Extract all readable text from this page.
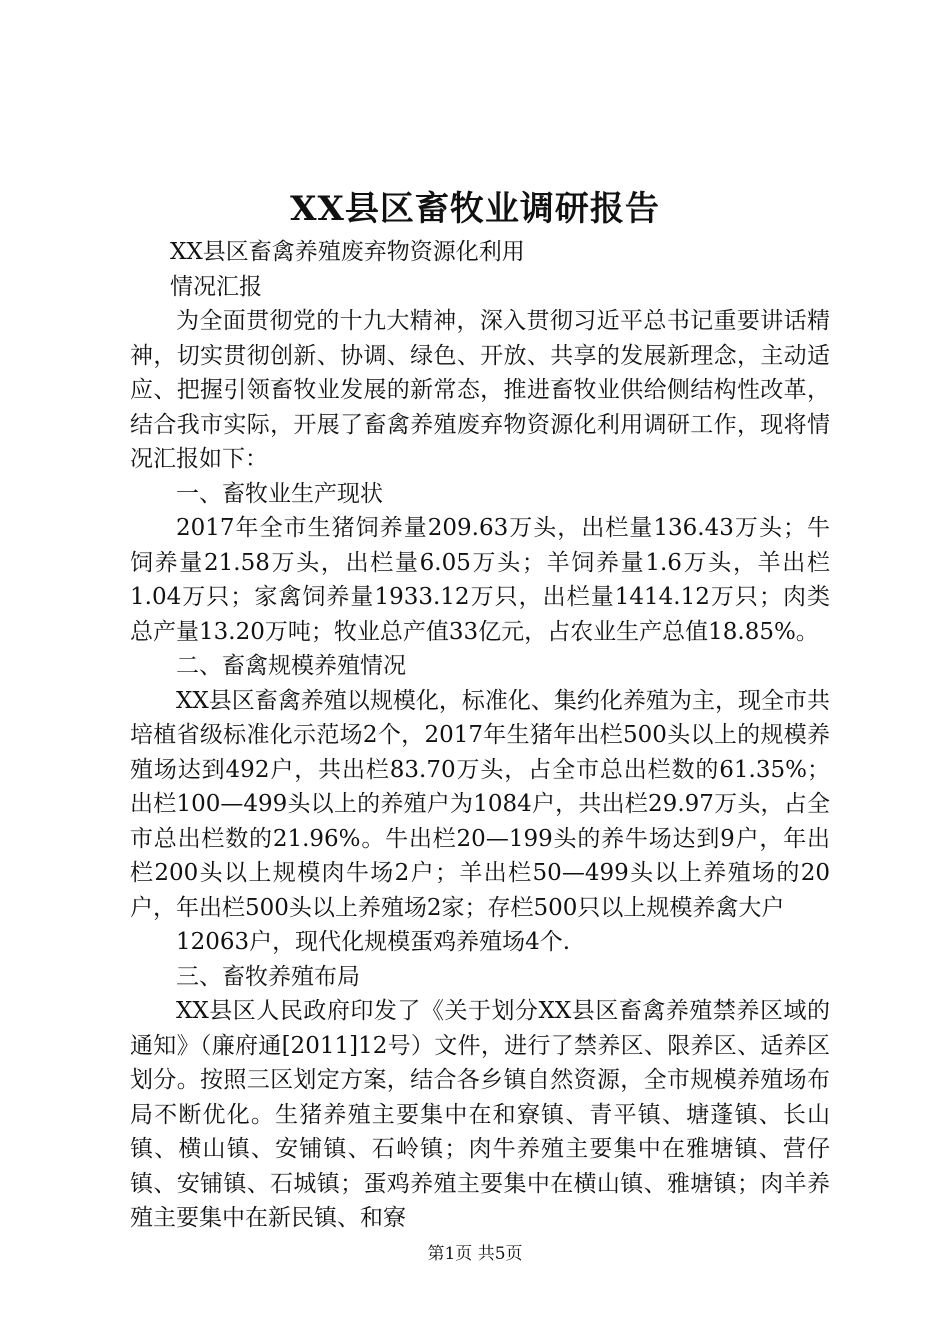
XX县区畜牧业调研报告

XX县区畜禽养殖废弃物资源化利用

情况汇报

为全面贯彻党的十九大精神，深入贯彻习近平总书记重要讲话精神，切实贯彻创新、协调、绿色、开放、共享的发展新理念，主动适应、把握引领畜牧业发展的新常态，推进畜牧业供给侧结构性改革，结合我市实际，开展了畜禽养殖废弃物资源化利用调研工作，现将情况汇报如下：

一、畜牧业生产现状

2017年全市生猪饲养量209.63万头，出栏量136.43万头；牛饲养量21.58万头，出栏量6.05万头；羊饲养量1.6万头，羊出栏1.04万只；家禽饲养量1933.12万只，出栏量1414.12万只；肉类总产量13.20万吨；牧业总产值33亿元，占农业生产总值18.85%。

二、畜禽规模养殖情况

XX县区畜禽养殖以规模化，标准化、集约化养殖为主，现全市共培植省级标准化示范场2个，2017年生猪年出栏500头以上的规模养殖场达到492户，共出栏83.70万头，占全市总出栏数的61.35%；出栏100—499头以上的养殖户为1084户，共出栏29.97万头，占全市总出栏数的21.96%。牛出栏20—199头的养牛场达到9户，年出栏200头以上规模肉牛场2户；羊出栏50—499头以上养殖场的20户，年出栏500头以上养殖场2家；存栏500只以上规模养禽大户

12063户，现代化规模蛋鸡养殖场4个.

三、畜牧养殖布局

XX县区人民政府印发了《关于划分XX县区畜禽养殖禁养区域的通知》（廉府通[2011]12号）文件，进行了禁养区、限养区、适养区划分。按照三区划定方案，结合各乡镇自然资源，全市规模养殖场布局不断优化。生猪养殖主要集中在和寮镇、青平镇、塘蓬镇、长山镇、横山镇、安铺镇、石岭镇；肉牛养殖主要集中在雅塘镇、营仔镇、安铺镇、石城镇；蛋鸡养殖主要集中在横山镇、雅塘镇；肉羊养殖主要集中在新民镇、和寮

第1页 共5页
